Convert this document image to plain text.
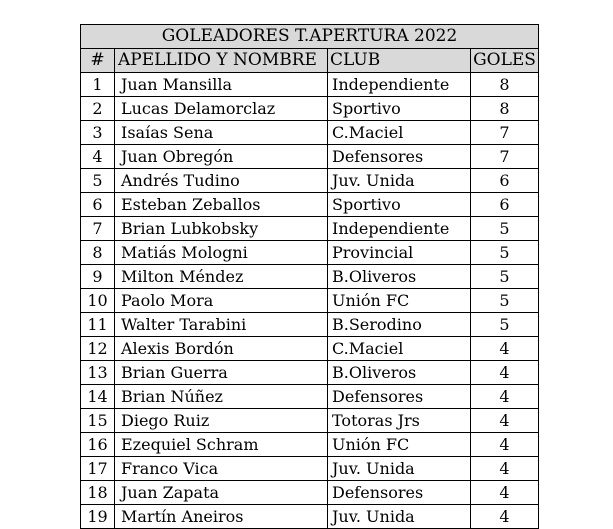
GOLEADORES T.APERTURA 2022			
#	APELLIDO Y NOMBRE	CLUB	GOLES
1	Juan Mansilla	Independiente	8
2	Lucas Delamorclaz	Sportivo	8
3	Isaías Sena	C.Maciel	7
4	Juan Obregón	Defensores	7
5	Andrés Tudino	Juv. Unida	6
6	Esteban Zeballos	Sportivo	6
7	Brian Lubkobsky	Independiente	5
8	Matiás Mologni	Provincial	5
9	Milton Méndez	B.Oliveros	5
10	Paolo Mora	Unión FC	5
11	Walter Tarabini	B.Serodino	5
12	Alexis Bordón	C.Maciel	4
13	Brian Guerra	B.Oliveros	4
14	Brian Núñez	Defensores	4
15	Diego Ruiz	Totoras Jrs	4
16	Ezequiel Schram	Unión FC	4
17	Franco Vica	Juv. Unida	4
18	Juan Zapata	Defensores	4
19	Martín Aneiros	Juv. Unida	4
